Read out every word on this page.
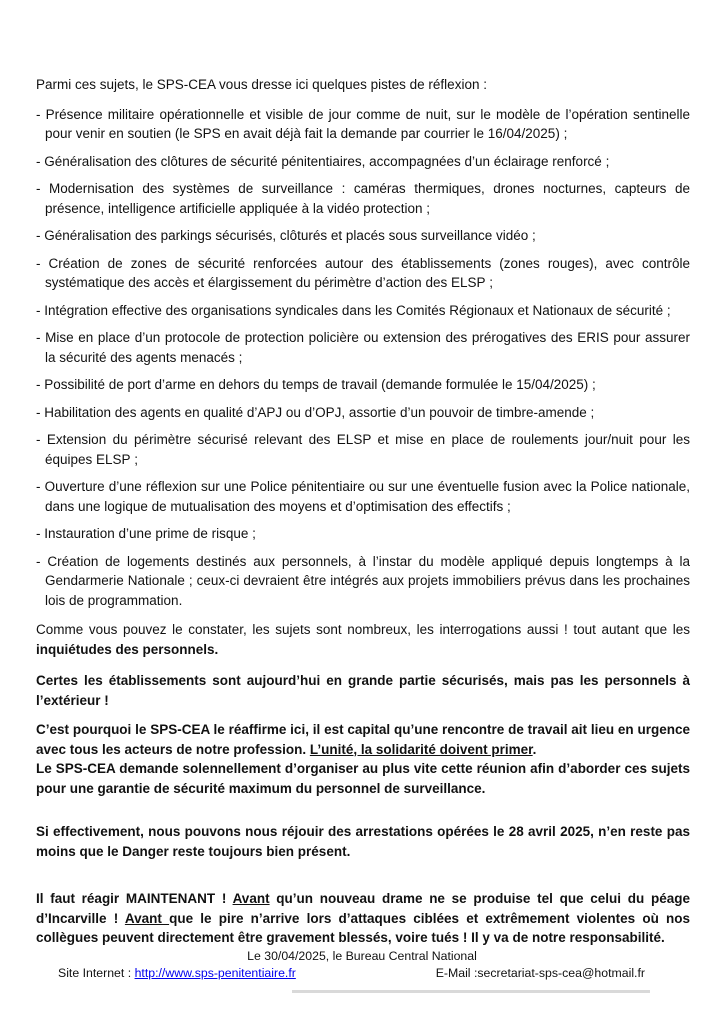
Parmi ces sujets, le SPS-CEA vous dresse ici quelques pistes de réflexion :

- Présence militaire opérationnelle et visible de jour comme de nuit, sur le modèle de l’opération sentinelle pour venir en soutien (le SPS en avait déjà fait la demande par courrier le 16/04/2025) ;
- Généralisation des clôtures de sécurité pénitentiaires, accompagnées d’un éclairage renforcé ;
- Modernisation des systèmes de surveillance : caméras thermiques, drones nocturnes, capteurs de présence, intelligence artificielle appliquée à la vidéo protection ;
- Généralisation des parkings sécurisés, clôturés et placés sous surveillance vidéo ;
- Création de zones de sécurité renforcées autour des établissements (zones rouges), avec contrôle systématique des accès et élargissement du périmètre d’action des ELSP ;
- Intégration effective des organisations syndicales dans les Comités Régionaux et Nationaux de sécurité ;
- Mise en place d’un protocole de protection policière ou extension des prérogatives des ERIS pour assurer la sécurité des agents menacés ;
- Possibilité de port d’arme en dehors du temps de travail (demande formulée le 15/04/2025) ;
- Habilitation des agents en qualité d’APJ ou d’OPJ, assortie d’un pouvoir de timbre-amende ;
- Extension du périmètre sécurisé relevant des ELSP et mise en place de roulements jour/nuit pour les équipes ELSP ;
- Ouverture d’une réflexion sur une Police pénitentiaire ou sur une éventuelle fusion avec la Police nationale, dans une logique de mutualisation des moyens et d’optimisation des effectifs ;
- Instauration d’une prime de risque ;
- Création de logements destinés aux personnels, à l’instar du modèle appliqué depuis longtemps à la Gendarmerie Nationale ; ceux-ci devraient être intégrés aux projets immobiliers prévus dans les prochaines lois de programmation.

Comme vous pouvez le constater, les sujets sont nombreux, les interrogations aussi ! tout autant que les inquiétudes des personnels.

Certes les établissements sont aujourd’hui en grande partie sécurisés, mais pas les personnels à l’extérieur !

C’est pourquoi le SPS-CEA le réaffirme ici, il est capital qu’une rencontre de travail ait lieu en urgence avec tous les acteurs de notre profession. L’unité, la solidarité doivent primer.

Le SPS-CEA demande solennellement d’organiser au plus vite cette réunion afin d’aborder ces sujets pour une garantie de sécurité maximum du personnel de surveillance.

Si effectivement, nous pouvons nous réjouir des arrestations opérées le 28 avril 2025, n’en reste pas moins que le Danger reste toujours bien présent.

Il faut réagir MAINTENANT ! Avant qu’un nouveau drame ne se produise tel que celui du péage d’Incarville ! Avant que le pire n’arrive lors d’attaques ciblées et extrêmement violentes où nos collègues peuvent directement être gravement blessés, voire tués ! Il y va de notre responsabilité.

Le 30/04/2025, le Bureau Central National
Site Internet : http://www.sps-penitentiaire.fr	E-Mail :secretariat-sps-cea@hotmail.fr
